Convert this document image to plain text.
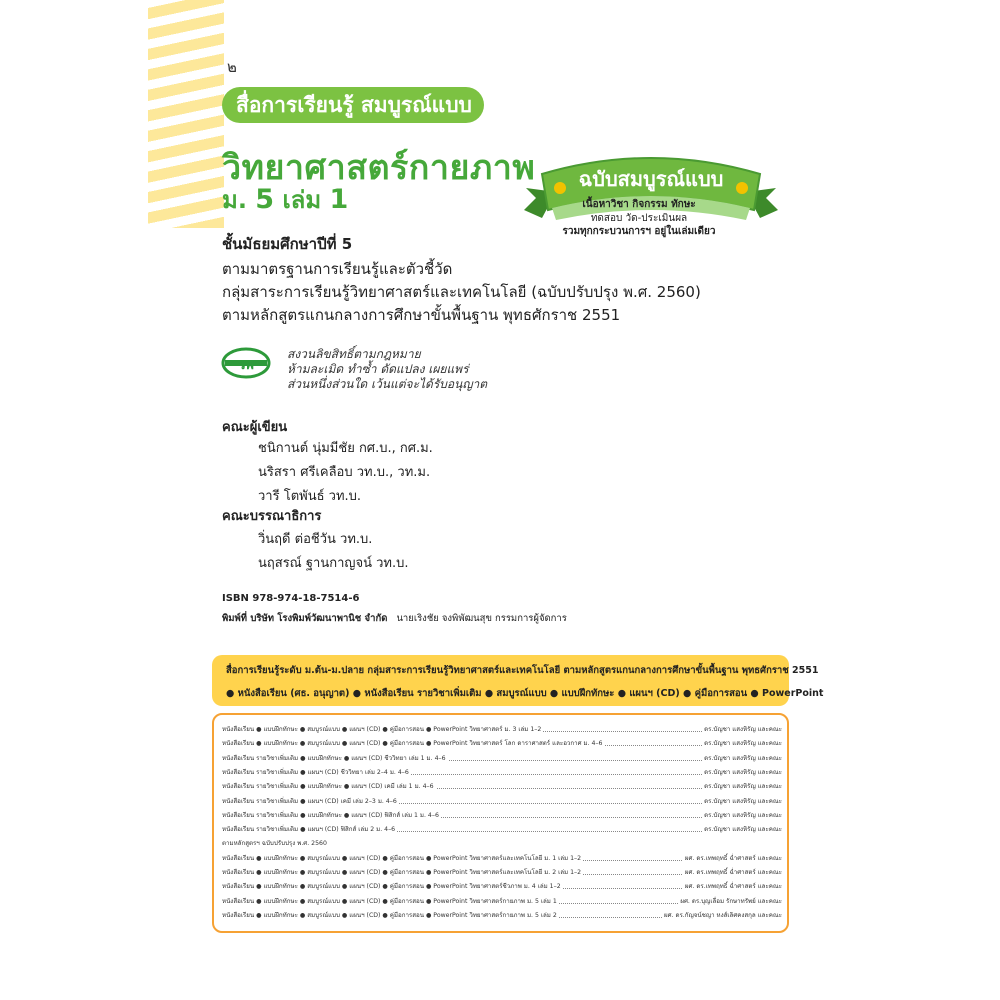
๒
สื่อการเรียนรู้ สมบูรณ์แบบ
วิทยาศาสตร์กายภาพ
ม. 5 เล่ม 1
ฉบับสมบูรณ์แบบ
เนื้อหาวิชา กิจกรรม ทักษะ
ทดสอบ วัด-ประเมินผล
รวมทุกกระบวนการฯ อยู่ในเล่มเดียว
ชั้นมัธยมศึกษาปีที่ 5
ตามมาตรฐานการเรียนรู้และตัวชี้วัด
กลุ่มสาระการเรียนรู้วิทยาศาสตร์และเทคโนโลยี (ฉบับปรับปรุง พ.ศ. 2560)
ตามหลักสูตรแกนกลางการศึกษาขั้นพื้นฐาน พุทธศักราช 2551
วพ
สงวนลิขสิทธิ์ตามกฎหมาย
ห้ามละเมิด ทำซ้ำ ดัดแปลง เผยแพร่
ส่วนหนึ่งส่วนใด เว้นแต่จะได้รับอนุญาต
คณะผู้เขียน
ชนิกานต์ นุ่มมีชัย กศ.บ., กศ.ม.
นริสรา ศรีเคลือบ วท.บ., วท.ม.
วารี โตพันธ์ วท.บ.
คณะบรรณาธิการ
วิ่นฤดี ต่อชีวัน วท.บ.
นฤสรณ์ ฐานกาญจน์ วท.บ.
ISBN 978-974-18-7514-6
พิมพ์ที่ บริษัท โรงพิมพ์วัฒนาพานิช จำกัด นายเริงชัย จงพิพัฒนสุข กรรมการผู้จัดการ
สื่อการเรียนรู้ระดับ ม.ต้น-ม.ปลาย กลุ่มสาระการเรียนรู้วิทยาศาสตร์และเทคโนโลยี ตามหลักสูตรแกนกลางการศึกษาขั้นพื้นฐาน พุทธศักราช 2551
● หนังสือเรียน (ศธ. อนุญาต) ● หนังสือเรียน รายวิชาเพิ่มเติม ● สมบูรณ์แบบ ● แบบฝึกทักษะ ● แผนฯ (CD) ● คู่มือการสอน ● PowerPoint
หนังสือเรียน ● แบบฝึกทักษะ ● สมบูรณ์แบบ ● แผนฯ (CD) ● คู่มือการสอน ● PowerPoint วิทยาศาสตร์ ม. 3 เล่ม 1–2	ดร.บัญชา แสงหิรัญ และคณะ
หนังสือเรียน ● แบบฝึกทักษะ ● สมบูรณ์แบบ ● แผนฯ (CD) ● คู่มือการสอน ● PowerPoint วิทยาศาสตร์ โลก ดาราศาสตร์ และอวกาศ ม. 4–6	ดร.บัญชา แสงหิรัญ และคณะ
หนังสือเรียน รายวิชาเพิ่มเติม ● แบบฝึกทักษะ ● แผนฯ (CD) ชีววิทยา เล่ม 1 ม. 4–6	ดร.บัญชา แสงหิรัญ และคณะ
หนังสือเรียน รายวิชาเพิ่มเติม ● แผนฯ (CD) ชีววิทยา เล่ม 2–4 ม. 4–6	ดร.บัญชา แสงหิรัญ และคณะ
หนังสือเรียน รายวิชาเพิ่มเติม ● แบบฝึกทักษะ ● แผนฯ (CD) เคมี เล่ม 1 ม. 4–6	ดร.บัญชา แสงหิรัญ และคณะ
หนังสือเรียน รายวิชาเพิ่มเติม ● แผนฯ (CD) เคมี เล่ม 2–3 ม. 4–6	ดร.บัญชา แสงหิรัญ และคณะ
หนังสือเรียน รายวิชาเพิ่มเติม ● แบบฝึกทักษะ ● แผนฯ (CD) ฟิสิกส์ เล่ม 1 ม. 4–6	ดร.บัญชา แสงหิรัญ และคณะ
หนังสือเรียน รายวิชาเพิ่มเติม ● แผนฯ (CD) ฟิสิกส์ เล่ม 2 ม. 4–6	ดร.บัญชา แสงหิรัญ และคณะ
ตามหลักสูตรฯ ฉบับปรับปรุง พ.ศ. 2560
หนังสือเรียน ● แบบฝึกทักษะ ● สมบูรณ์แบบ ● แผนฯ (CD) ● คู่มือการสอน ● PowerPoint วิทยาศาสตร์และเทคโนโลยี ม. 1 เล่ม 1–2	ผศ. ดร.เทพฤทธิ์ ฉ่ำศาสตร์ และคณะ
หนังสือเรียน ● แบบฝึกทักษะ ● สมบูรณ์แบบ ● แผนฯ (CD) ● คู่มือการสอน ● PowerPoint วิทยาศาสตร์และเทคโนโลยี ม. 2 เล่ม 1–2	ผศ. ดร.เทพฤทธิ์ ฉ่ำศาสตร์ และคณะ
หนังสือเรียน ● แบบฝึกทักษะ ● สมบูรณ์แบบ ● แผนฯ (CD) ● คู่มือการสอน ● PowerPoint วิทยาศาสตร์ชีวภาพ ม. 4 เล่ม 1–2	ผศ. ดร.เทพฤทธิ์ ฉ่ำศาสตร์ และคณะ
หนังสือเรียน ● แบบฝึกทักษะ ● สมบูรณ์แบบ ● แผนฯ (CD) ● คู่มือการสอน ● PowerPoint วิทยาศาสตร์กายภาพ ม. 5 เล่ม 1	ผศ. ดร.บุญเลื่อม รักษาทรัพย์ และคณะ
หนังสือเรียน ● แบบฝึกทักษะ ● สมบูรณ์แบบ ● แผนฯ (CD) ● คู่มือการสอน ● PowerPoint วิทยาศาสตร์กายภาพ ม. 5 เล่ม 2	ผศ. ดร.กัญจน์ชญา หงส์เลิศคงสกุล และคณะ
